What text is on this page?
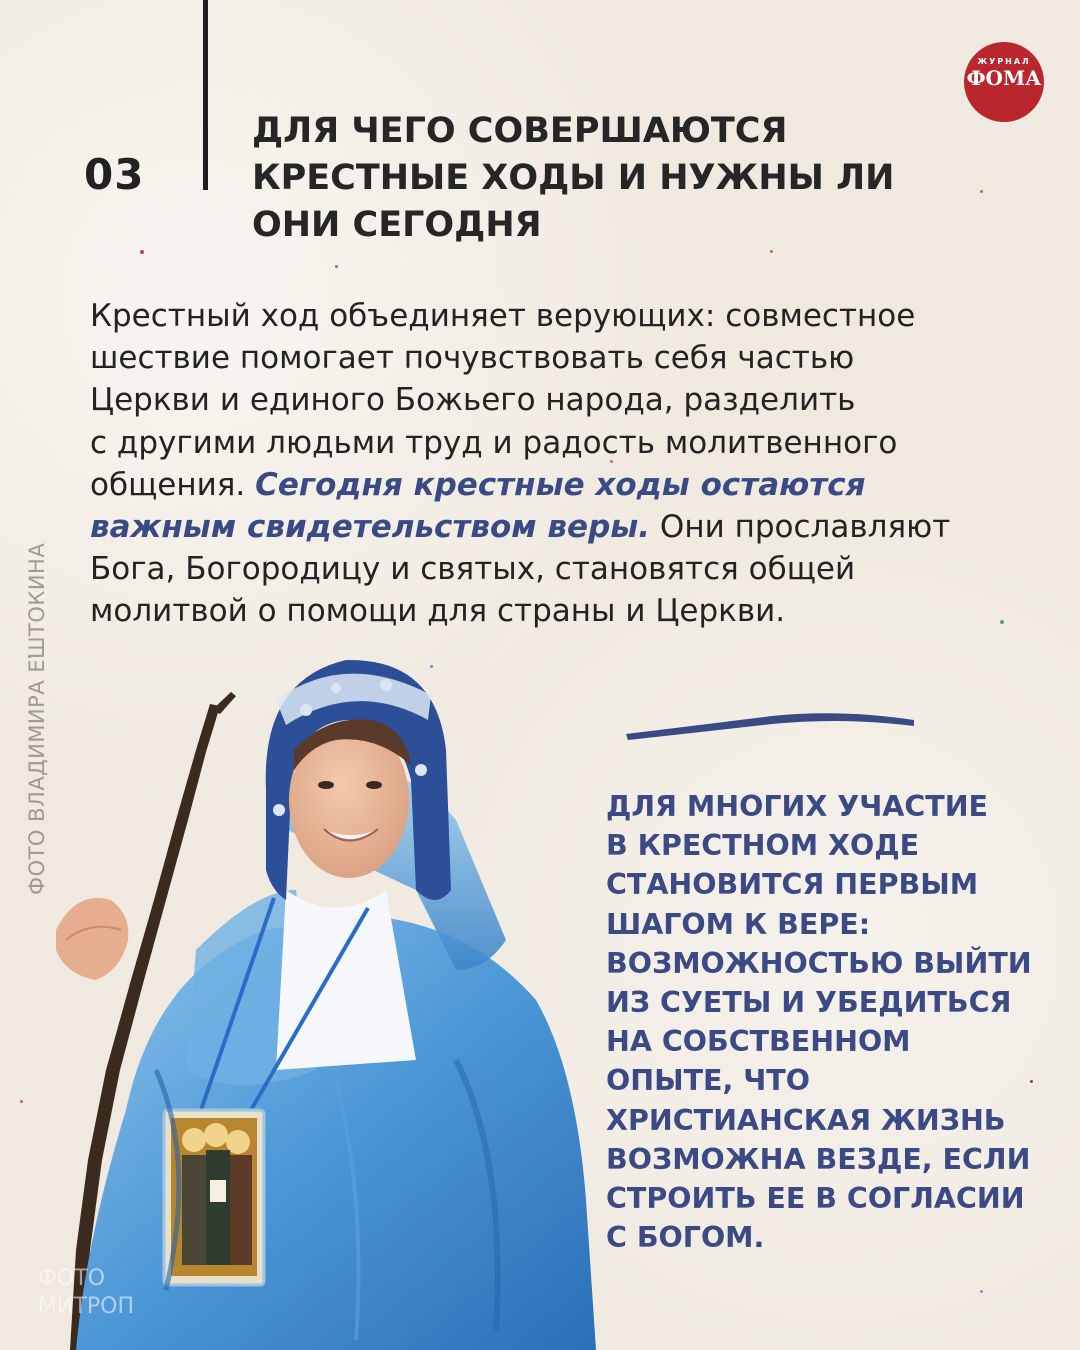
03
ДЛЯ ЧЕГО СОВЕРШАЮТСЯ
КРЕСТНЫЕ ХОДЫ И НУЖНЫ ЛИ
ОНИ СЕГОДНЯ
ЖУРНАЛ
ФОМА
Крестный ход объединяет верующих: совместное
шествие помогает почувствовать себя частью
Церкви и единого Божьего народа, разделить
с другими людьми труд и радость молитвенного
общения. Сегодня крестные ходы остаются
важным свидетельством веры. Они прославляют
Бога, Богородицу и святых, становятся общей
молитвой о помощи для страны и Церкви.
ФОТО ВЛАДИМИРА ЕШТОКИНА
ФОТО
МИТРОП
ДЛЯ МНОГИХ УЧАСТИЕ
В КРЕСТНОМ ХОДЕ
СТАНОВИТСЯ ПЕРВЫМ
ШАГОМ К ВЕРЕ:
ВОЗМОЖНОСТЬЮ ВЫЙТИ
ИЗ СУЕТЫ И УБЕДИТЬСЯ
НА СОБСТВЕННОМ
ОПЫТЕ, ЧТО
ХРИСТИАНСКАЯ ЖИЗНЬ
ВОЗМОЖНА ВЕЗДЕ, ЕСЛИ
СТРОИТЬ ЕЕ В СОГЛАСИИ
С БОГОМ.
